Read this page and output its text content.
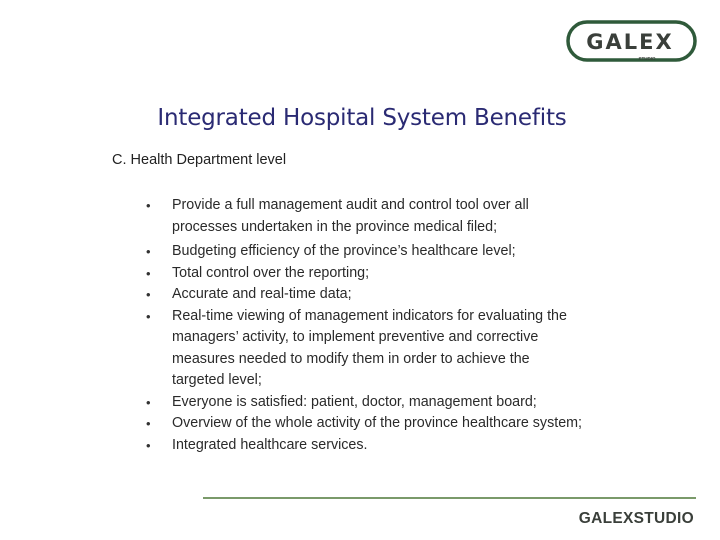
GALEX
STUDIO
Integrated Hospital System Benefits
C. Health Department level
• Provide a full management audit and control tool over all processes undertaken in the province medical filed;
• Budgeting efficiency of the province’s healthcare level;
• Total control over the reporting;
• Accurate and real-time data;
• Real-time viewing of management indicators for evaluating the managers’ activity, to implement preventive and corrective measures needed to modify them in order to achieve the targeted level;
• Everyone is satisfied: patient, doctor, management board;
• Overview of the whole activity of the province healthcare system;
• Integrated healthcare services.
GALEXSTUDIO
